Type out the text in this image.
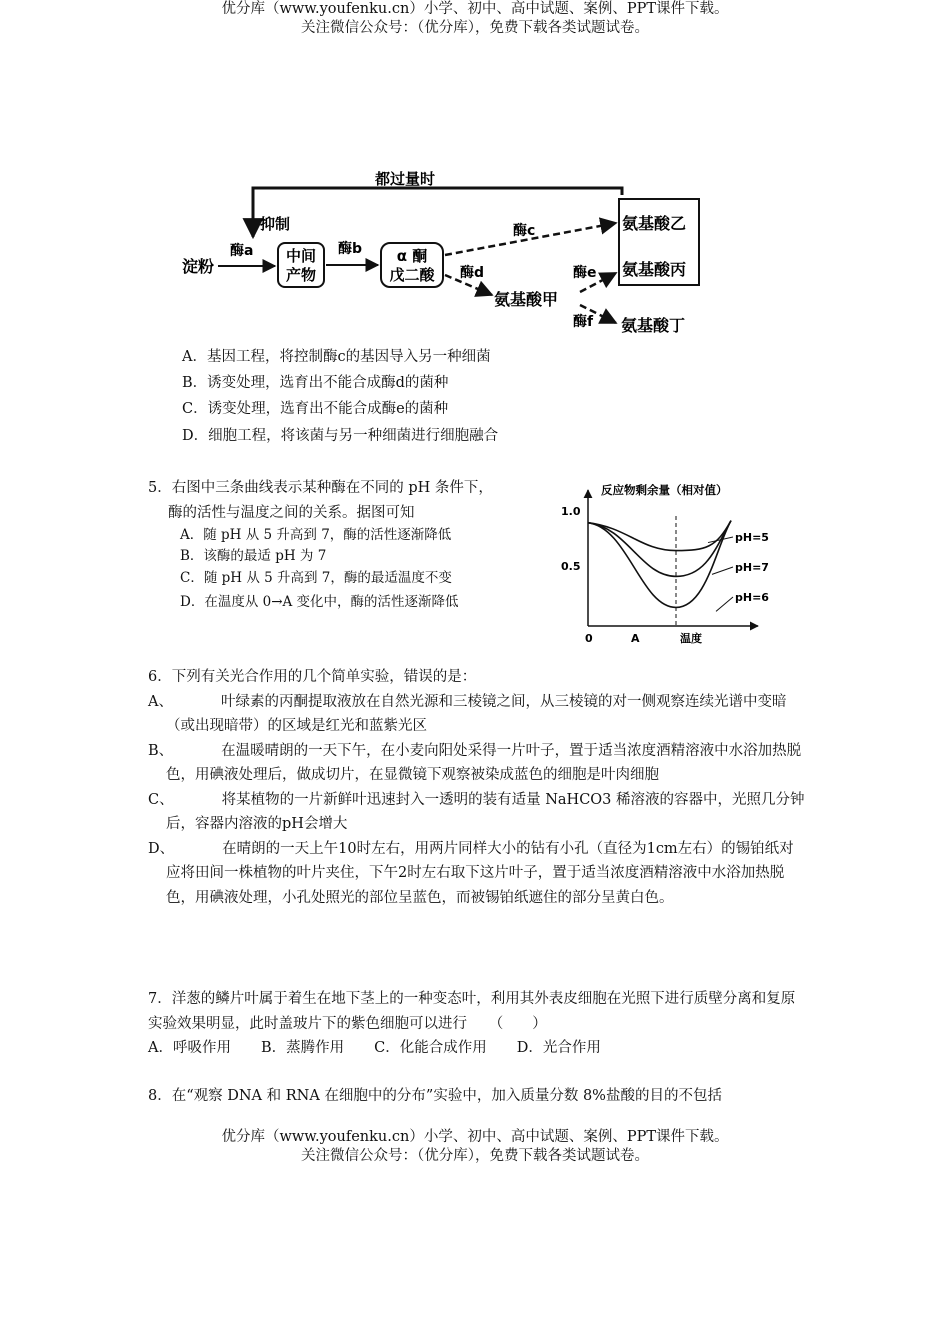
优分库（www.youfenku.cn）小学、初中、高中试题、案例、PPT课件下载。
关注微信公众号：（优分库），免费下载各类试题试卷。
都过量时
抑制
淀粉
酶a 中间
产物
酶b α 酮
戊二酸
酶c
酶d
氨基酸甲
氨基酸乙
氨基酸丙
酶e
酶f 氨基酸丁
A．基因工程，将控制酶c的基因导入另一种细菌
B．诱变处理，选育出不能合成酶d的菌种
C．诱变处理，选育出不能合成酶e的菌种
D．细胞工程，将该菌与另一种细菌进行细胞融合
5．右图中三条曲线表示某种酶在不同的 pH 条件下，
酶的活性与温度之间的关系。据图可知
A．随 pH 从 5 升高到 7，酶的活性逐渐降低
B．该酶的最适 pH 为 7
C．随 pH 从 5 升高到 7，酶的最适温度不变
D．在温度从 0→A 变化中，酶的活性逐渐降低
反应物剩余量（相对值）
1.0
0.5
0	A	温度
pH=5
pH=7
pH=6
6．下列有关光合作用的几个简单实验，错误的是：
A、	叶绿素的丙酮提取液放在自然光源和三棱镜之间，从三棱镜的对一侧观察连续光谱中变暗（或出现暗带）的区域是红光和蓝紫光区
B、	在温暖晴朗的一天下午，在小麦向阳处采得一片叶子，置于适当浓度酒精溶液中水浴加热脱色，用碘液处理后，做成切片，在显微镜下观察被染成蓝色的细胞是叶肉细胞
C、	将某植物的一片新鲜叶迅速封入一透明的装有适量 NaHCO3 稀溶液的容器中，光照几分钟后，容器内溶液的pH会增大
D、	在晴朗的一天上午10时左右，用两片同样大小的钻有小孔（直径为1cm左右）的锡铂纸对应将田间一株植物的叶片夹住，下午2时左右取下这片叶子，置于适当浓度酒精溶液中水浴加热脱色，用碘液处理，小孔处照光的部位呈蓝色，而被锡铂纸遮住的部分呈黄白色。
7．洋葱的鳞片叶属于着生在地下茎上的一种变态叶，利用其外表皮细胞在光照下进行质壁分离和复原实验效果明显，此时盖玻片下的紫色细胞可以进行　　（　　）
A．呼吸作用 B．蒸腾作用 C．化能合成作用 D．光合作用
8．在“观察 DNA 和 RNA 在细胞中的分布”实验中，加入质量分数 8%盐酸的目的不包括
优分库（www.youfenku.cn）小学、初中、高中试题、案例、PPT课件下载。
关注微信公众号：（优分库），免费下载各类试题试卷。
